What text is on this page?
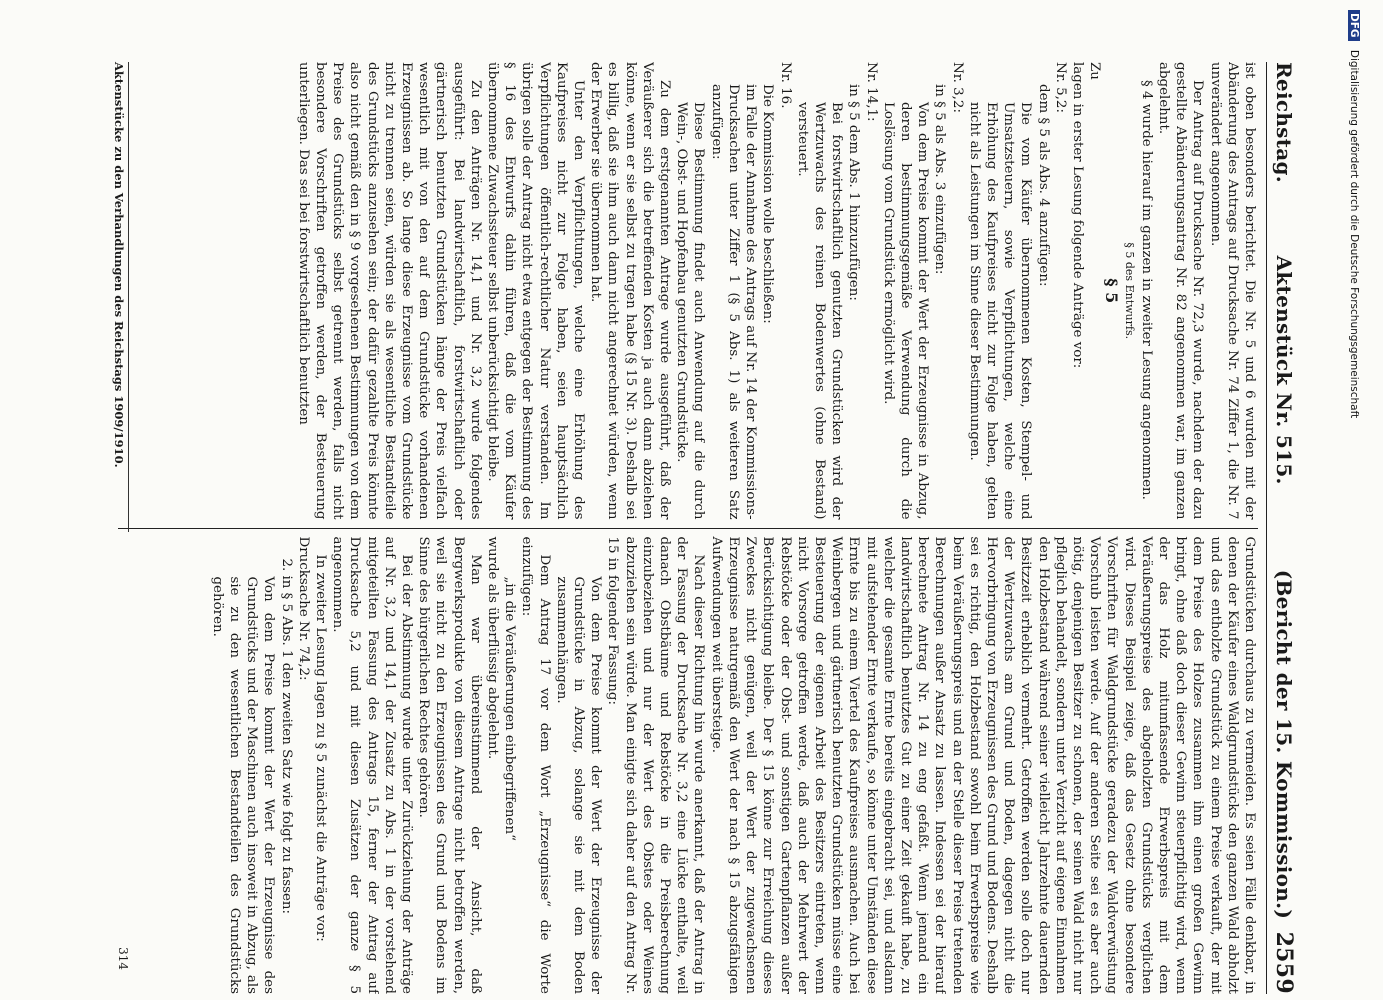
Reichstag.
Aktenstück Nr. 515.
(Bericht der 15. Kommission.)
2559

ist oben besonders berichtet. Die Nr. 5 und 6 wurden mit der Abänderung des Antrags auf Drucksache Nr. 74 Ziffer 1, die Nr. 7 unverändert angenommen.

Der Antrag auf Drucksache Nr. 72,3 wurde, nachdem der dazu gestellte Abänderungsantrag Nr. 82 angenommen war, im ganzen abgelehnt.

§ 4 wurde hierauf im ganzen in zweiter Lesung angenommen.

§ 5 des Entwurfs.

§ 5

Zu

lagen in erster Lesung folgende Anträge vor:

Nr. 5,2:

dem § 5 als Abs. 4 anzufügen:

Die vom Käufer übernommenen Kosten, Stempel- und Umsatzsteuern, sowie Verpflichtungen, welche eine Erhöhung des Kaufpreises nicht zur Folge haben, gelten nicht als Leistungen im Sinne dieser Bestimmungen.

Nr. 3,2:

in § 5 als Abs. 3 einzufügen:

Von dem Preise kommt der Wert der Erzeugnisse in Abzug, deren bestimmungsgemäße Verwendung durch die Loslösung vom Grundstück ermöglicht wird.

Nr. 14,1:

in § 5 dem Abs. 1 hinzuzufügen:

Bei forstwirtschaftlich genutzten Grundstücken wird der Wertzuwachs des reinen Bodenwertes (ohne Bestand) versteuert.

Nr. 16.

Die Kommission wolle beschließen:

im Falle der Annahme des Antrags auf Nr. 14 der Kommissions-Drucksachen unter Ziffer 1 (§ 5 Abs. 1) als weiteren Satz anzufügen:

Diese Bestimmung findet auch Anwendung auf die durch Wein-, Obst- und Hopfenbau genutzten Grundstücke.

Zu dem erstgenannten Antrage wurde ausgeführt, daß der Veräußerer sich die betreffenden Kosten ja auch dann abziehen könne, wenn er sie selbst zu tragen habe (§ 15 Nr. 3). Deshalb sei es billig, daß sie ihm auch dann nicht angerechnet würden, wenn der Erwerber sie übernommen hat.

Unter den Verpflichtungen, welche eine Erhöhung des Kaufpreises nicht zur Folge haben, seien hauptsächlich Verpflichtungen öffentlich-rechtlicher Natur verstanden. Im übrigen solle der Antrag nicht etwa entgegen der Bestimmung des § 16 des Entwurfs dahin führen, daß die vom Käufer übernommene Zuwachssteuer selbst unberücksichtigt bleibe.

Zu den Anträgen Nr. 14,1 und Nr. 3,2 wurde folgendes ausgeführt: Bei landwirtschaftlich, forstwirtschaftlich oder gärtnerisch benutzten Grundstücken hänge der Preis vielfach wesentlich mit von den auf dem Grundstücke vorhandenen Erzeugnissen ab. So lange diese Erzeugnisse vom Grundstücke nicht zu trennen seien, würden sie als wesentliche Bestandteile des Grundstücks anzusehen sein; der dafür gezahlte Preis könnte also nicht gemäß den in § 9 vorgesehenen Bestimmungen von dem Preise des Grundstücks selbst getrennt werden, falls nicht besondere Vorschriften getroffen werden, der Besteuerung unterliegen. Das sei bei forstwirtschaftlich benutzten

Grundstücken durchaus zu vermeiden. Es seien Fälle denkbar, in denen der Käufer eines Waldgrundstücks den ganzen Wald abholzt und das entholzte Grundstück zu einem Preise verkauft, der mit dem Preise des Holzes zusammen ihm einen großen Gewinn bringt, ohne daß doch dieser Gewinn steuerpflichtig wird, wenn der das Holz mitumfassende Erwerbspreis mit dem Veräußerungspreise des abgeholzten Grundstücks verglichen wird. Dieses Beispiel zeige, daß das Gesetz ohne besondere Vorschriften für Waldgrundstücke geradezu der Waldverwüstung Vorschub leisten werde. Auf der anderen Seite sei es aber auch nötig, denjenigen Besitzer zu schonen, der seinen Wald nicht nur pfleglich behandelt, sondern unter Verzicht auf eigene Einnahmen den Holzbestand während seiner vielleicht Jahrzehnte dauernden Besitzzeit erheblich vermehrt. Getroffen werden solle doch nur der Wertzuwachs am Grund und Boden, dagegen nicht die Hervorbringung von Erzeugnissen des Grund und Bodens. Deshalb sei es richtig, den Holzbestand sowohl beim Erwerbspreise wie beim Veräußerungspreis und an der Stelle dieser Preise tretenden Berechnungen außer Ansatz zu lassen. Indessen sei der hierauf berechnete Antrag Nr. 14 zu eng gefaßt. Wenn jemand ein landwirtschaftlich benutztes Gut zu einer Zeit gekauft habe, zu welcher die gesamte Ernte bereits eingebracht sei, und alsdann mit aufstehender Ernte verkaufe, so könne unter Umständen diese Ernte bis zu einem Viertel des Kaufpreises ausmachen. Auch bei Weinbergen und gärtnerisch benutzten Grundstücken müsse eine Besteuerung der eigenen Arbeit des Besitzers eintreten, wenn nicht Vorsorge getroffen werde, daß auch der Mehrwert der Rebstöcke oder der Obst- und sonstigen Gartenpflanzen außer Berücksichtigung bleibe. Der § 15 könne zur Erreichung dieses Zweckes nicht genügen, weil der Wert der zugewachsenen Erzeugnisse naturgemäß den Wert der nach § 15 abzugsfähigen Aufwendungen weit übersteige.

Nach dieser Richtung hin wurde anerkannt, daß der Antrag in der Fassung der Drucksache Nr. 3,2 eine Lücke enthalte, weil danach Obstbäume und Rebstöcke in die Preisberechnung einzubeziehen und nur der Wert des Obstes oder Weines abzuziehen sein würde. Man einigte sich daher auf den Antrag Nr. 15 in folgender Fassung:

Von dem Preise kommt der Wert der Erzeugnisse der Grundstücke in Abzug, solange sie mit dem Boden zusammenhängen.

Dem Antrag 17 vor dem Wort „Erzeugnisse“ die Worte einzufügen:

„in die Veräußerungen einbegriffenen“

wurde als überflüssig abgelehnt.

Man war übereinstimmend der Ansicht, daß Bergwerksprodukte von diesem Antrage nicht betroffen werden, weil sie nicht zu den Erzeugnissen des Grund und Bodens im Sinne des bürgerlichen Rechtes gehören.

Bei der Abstimmung wurde unter Zurückziehung der Anträge auf Nr. 3,2 und 14,1 der Zusatz zu Abs. 1 in der vorstehend mitgeteilten Fassung des Antrags 15, ferner der Antrag auf Drucksache 5,2 und mit diesen Zusätzen der ganze § 5 angenommen.

In zweiter Lesung lagen zu § 5 zunächst die Anträge vor:

Drucksache Nr. 74,2:

2. in § 5 Abs. 1 den zweiten Satz wie folgt zu fassen:

Von dem Preise kommt der Wert der Erzeugnisse des Grundstücks und der Maschinen auch insoweit in Abzug, als sie zu den wesentlichen Bestandteilen des Grundstücks gehören.

Aktenstücke zu den Verhandlungen des Reichstags 1909/1910.
314
DFG Digitalisierung gefördert durch die Deutsche Forschungsgemeinschaft
